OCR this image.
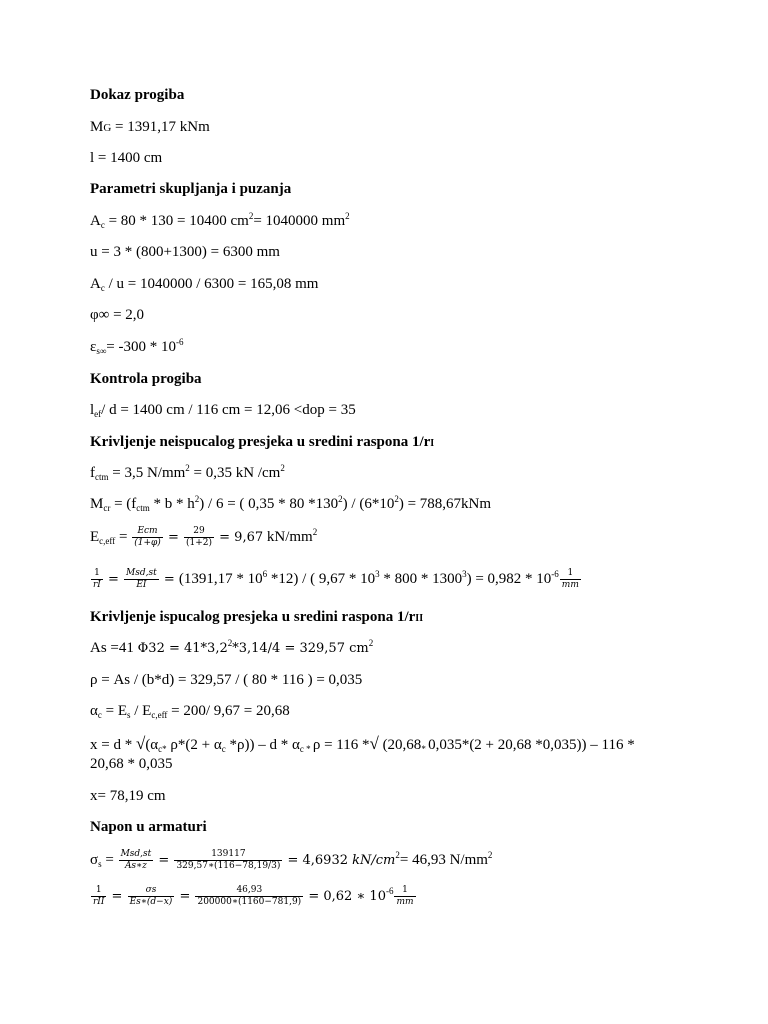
Dokaz progiba
MG = 1391,17 kNm
l = 1400 cm
Parametri skupljanja i puzanja
$A_c = 80 * 130 = 10400$ $cm^2= 1040000$ $mm^2$
u = 3 * (800+1300) = 6300 mm
$A_c / u = 1040000 / 6300 = 165,08$ mm
φ∞ = 2,0
$\varepsilon_{s\infty}= -300 * 10^{-6}$
Kontrola progiba
$l_{ef}/$ d = 1400 cm / 116 cm = 12,06 <dop = 35
Krivljenje neispucalog presjeka u sredini raspona 1/rI
$f_{ctm} = 3,5$ $N/mm^2 = 0,35$ kN $/cm^2$
$M_{cr} = (f_{ctm} * b * h^2) / 6$ = ( 0,35 * 80 $*130^2) / (6*10^2) = 788,67kNm$
$E_{c,eff}$ = Ecm
$(1+\varphi) = \frac{29}{(1+2)} = 9,67$ $kN/mm^2$
$\frac{1}{rI} = Msd,st$
EI	= ($1391,17 * 10^6$ *12) / ( $9,67 * 10^3 * 800 * 1300^3) = 0,982 * 10^{-6} \frac{1}{mm}$
Krivljenje ispucalog presjeka u sredini raspona 1/rII
As =41 $\Phi 32 = 41*3,2^2*3,14/4 = 329,57$ $cm^2$
ρ = As / (b*d) = 329,57 / ( 80 * 116 ) = 0,035
$\alpha_c = E_s / E_{c,eff} = 200/$ 9,67 = 20,68
$x = d * √(\alpha_{c*}$ $\rho*(2 + \alpha_c$ *ρ)) – d * $\alpha_{c *}$ ρ = 116 *√ ($20,68_*$ 0,035*(2 + 20,68 *0,035)) – 116 *
20,68 * 0,035
x= 78,19 cm
Napon u armaturi
$\sigma_s = Msd,st$
As∗z = $\frac{139117}{329,57∗(116-78,19/3)} = 4,6932$ $kN/cm^2= 46,93$ $N/mm^2$
1
rII = $\frac{\sigma s}{Es∗(d-x)} = \frac{46,93}{200000∗(1160-781,9)} = 0,62$ ∗ $10^{-6} \frac{1}{mm}$
